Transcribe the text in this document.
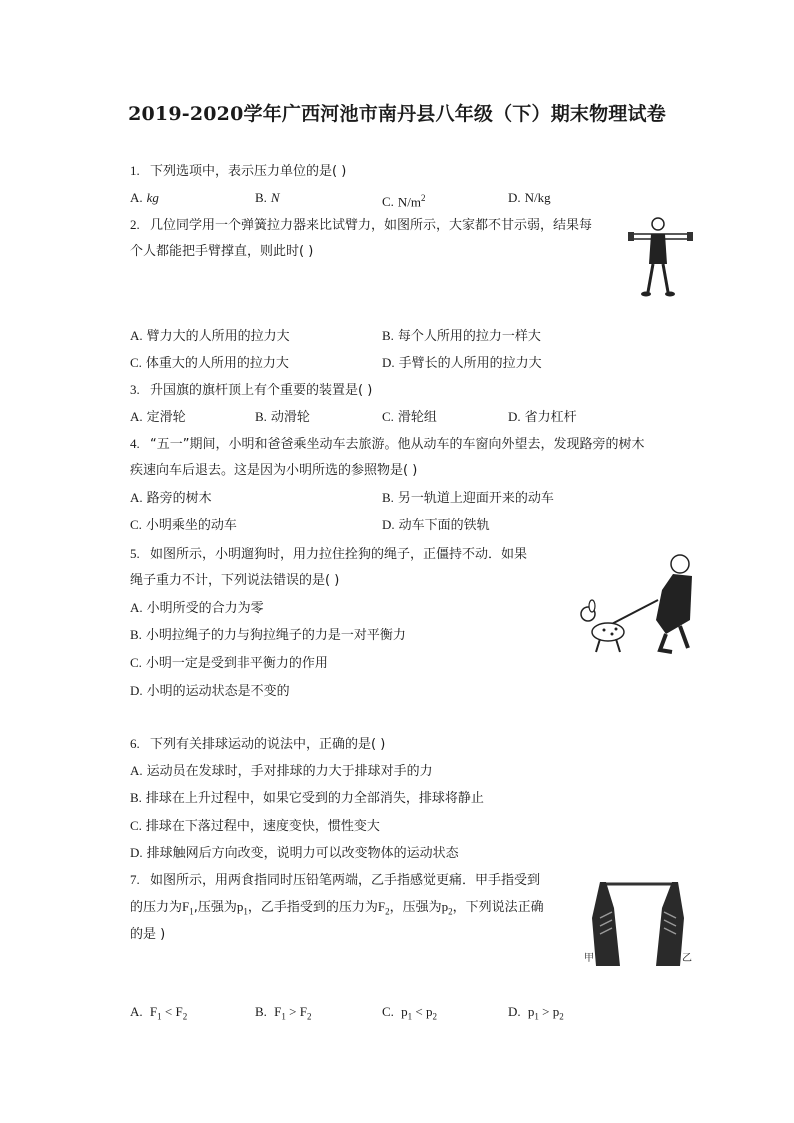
2019-2020学年广西河池市南丹县八年级（下）期末物理试卷
1. 下列选项中，表示压力单位的是( )
A. kg	B. N	C. $N/m^2$	D. N/kg
2. 几位同学用一个弹簧拉力器来比试臂力，如图所示，大家都不甘示弱，结果每
个人都能把手臂撑直，则此时( )
A. 臂力大的人所用的拉力大	B. 每个人所用的拉力一样大
C. 体重大的人所用的拉力大	D. 手臂长的人所用的拉力大
3. 升国旗的旗杆顶上有个重要的装置是( )
A. 定滑轮	B. 动滑轮	C. 滑轮组	D. 省力杠杆
4. “五一”期间，小明和爸爸乘坐动车去旅游。他从动车的车窗向外望去，发现路旁的树木
疾速向车后退去。这是因为小明所选的参照物是( )
A. 路旁的树木	B. 另一轨道上迎面开来的动车
C. 小明乘坐的动车	D. 动车下面的铁轨
5. 如图所示，小明遛狗时，用力拉住拴狗的绳子，正僵持不动．如果
绳子重力不计，下列说法错误的是( )
A. 小明所受的合力为零
B. 小明拉绳子的力与狗拉绳子的力是一对平衡力
C. 小明一定是受到非平衡力的作用
D. 小明的运动状态是不变的
6. 下列有关排球运动的说法中，正确的是( )
A. 运动员在发球时，手对排球的力大于排球对手的力
B. 排球在上升过程中，如果它受到的力全部消失，排球将静止
C. 排球在下落过程中，速度变快，惯性变大
D. 排球触网后方向改变，说明力可以改变物体的运动状态
7. 如图所示，用两食指同时压铅笔两端，乙手指感觉更痛．甲手指受到
的压力为$F_1$,压强为$p_1$，乙手指受到的压力为$F_2$，压强为$p_2$，下列说法正确
的是 )
甲	乙
A. $F_1 < F_2$	B. $F_1 > F_2$	C. $p_1 < p_2$	D. $p_1 > p_2$
